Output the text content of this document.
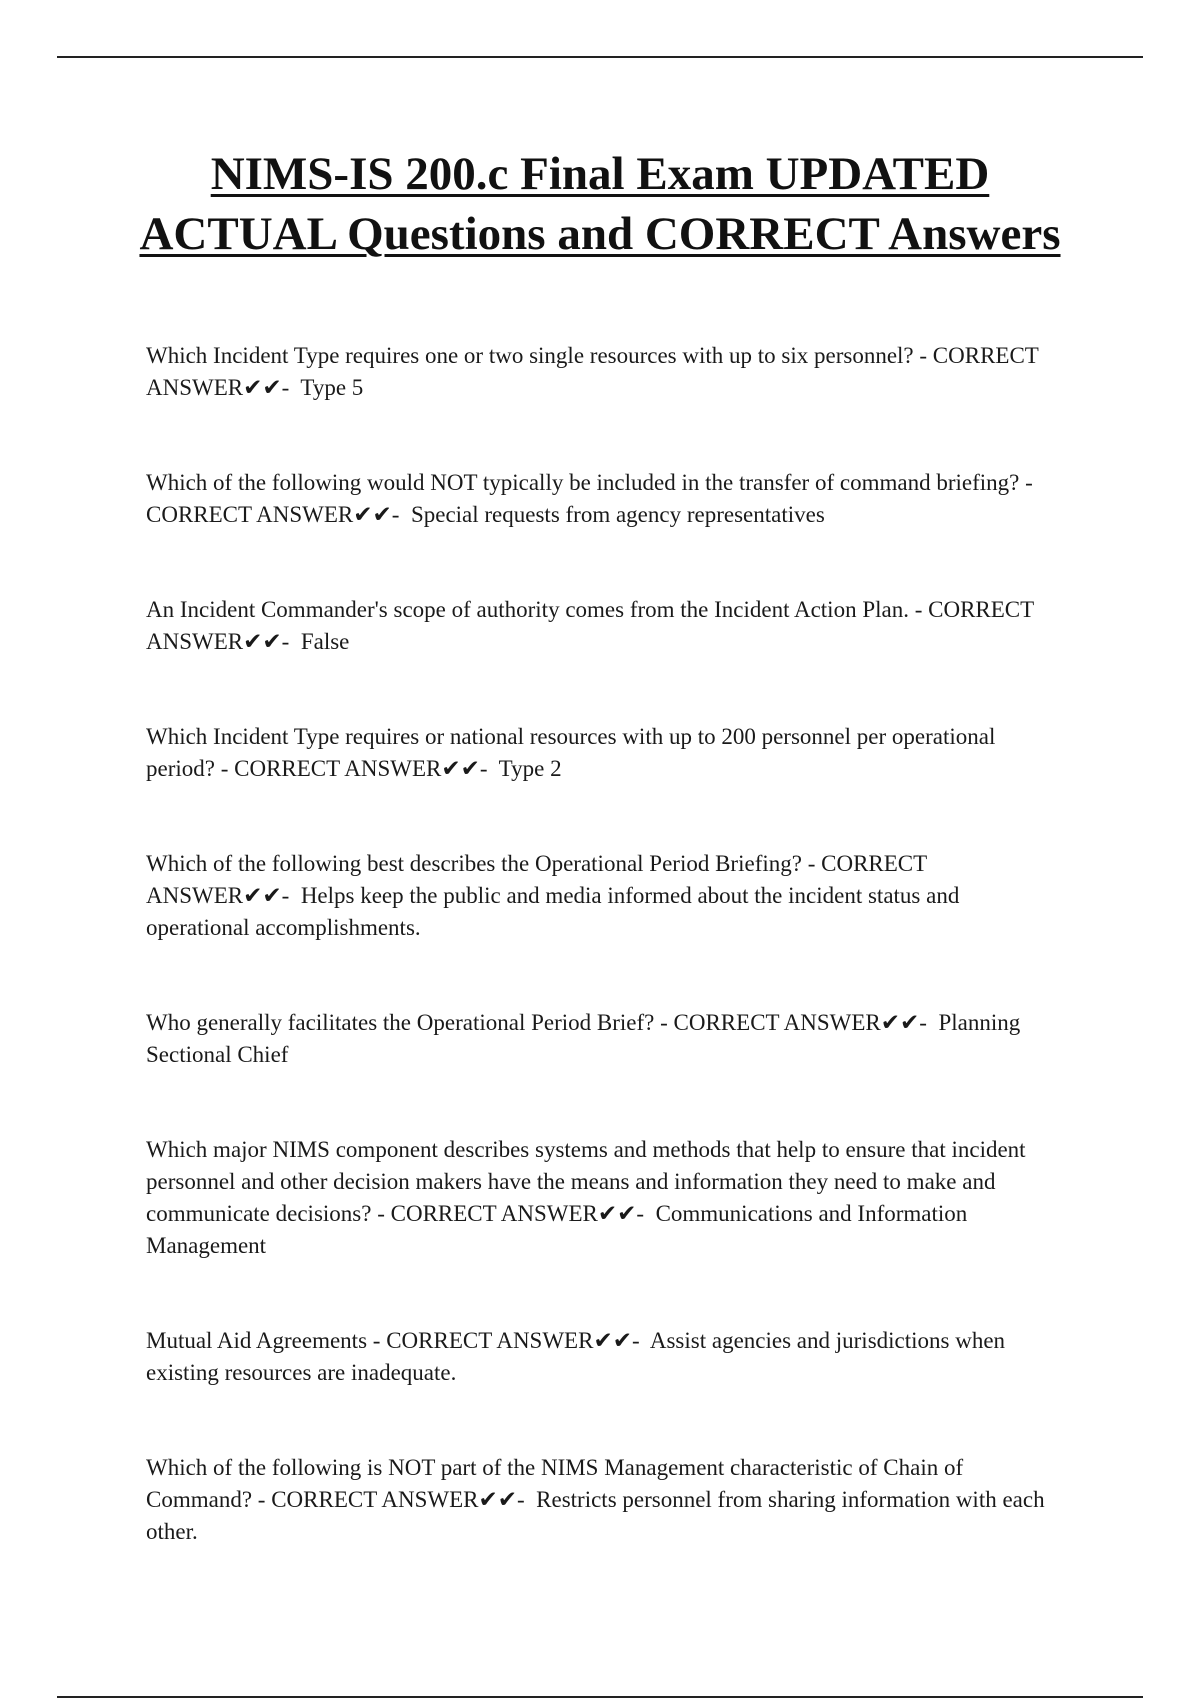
NIMS-IS 200.c Final Exam UPDATED ACTUAL Questions and CORRECT Answers
Which Incident Type requires one or two single resources with up to six personnel? - CORRECT ANSWER✔✔- Type 5
Which of the following would NOT typically be included in the transfer of command briefing? - CORRECT ANSWER✔✔- Special requests from agency representatives
An Incident Commander's scope of authority comes from the Incident Action Plan. - CORRECT ANSWER✔✔- False
Which Incident Type requires or national resources with up to 200 personnel per operational period? - CORRECT ANSWER✔✔- Type 2
Which of the following best describes the Operational Period Briefing? - CORRECT ANSWER✔✔- Helps keep the public and media informed about the incident status and operational accomplishments.
Who generally facilitates the Operational Period Brief? - CORRECT ANSWER✔✔- Planning Sectional Chief
Which major NIMS component describes systems and methods that help to ensure that incident personnel and other decision makers have the means and information they need to make and communicate decisions? - CORRECT ANSWER✔✔- Communications and Information Management
Mutual Aid Agreements - CORRECT ANSWER✔✔- Assist agencies and jurisdictions when existing resources are inadequate.
Which of the following is NOT part of the NIMS Management characteristic of Chain of Command? - CORRECT ANSWER✔✔- Restricts personnel from sharing information with each other.
